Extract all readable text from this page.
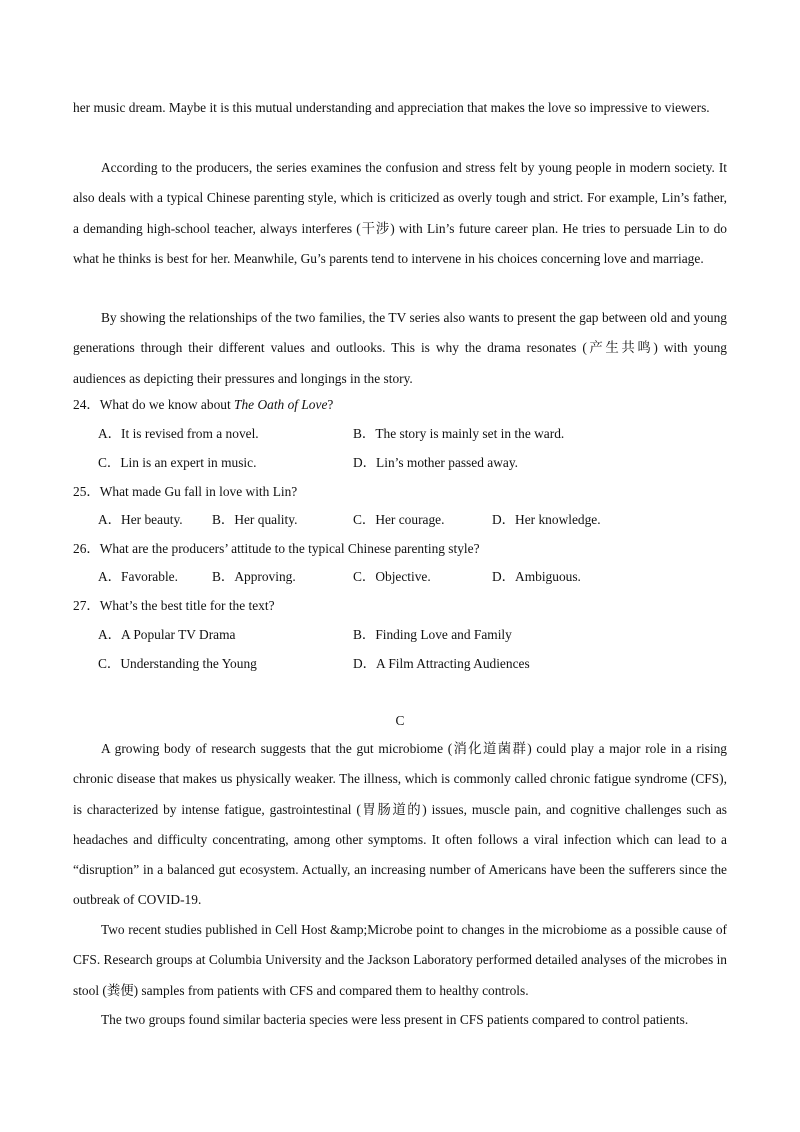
her music dream. Maybe it is this mutual understanding and appreciation that makes the love so impressive to viewers.

According to the producers, the series examines the confusion and stress felt by young people in modern society. It also deals with a typical Chinese parenting style, which is criticized as overly tough and strict. For example, Lin’s father, a demanding high-school teacher, always interferes (干涉) with Lin’s future career plan. He tries to persuade Lin to do what he thinks is best for her. Meanwhile, Gu’s parents tend to intervene in his choices concerning love and marriage.

By showing the relationships of the two families, the TV series also wants to present the gap between old and young generations through their different values and outlooks. This is why the drama resonates (产生共鸣) with young audiences as depicting their pressures and longings in the story.

24．What do we know about The Oath of Love?
A．It is revised from a novel.	B．The story is mainly set in the ward.
C．Lin is an expert in music.	D．Lin’s mother passed away.
25．What made Gu fall in love with Lin?
A．Her beauty. B．Her quality.	C．Her courage.	D．Her knowledge.
26．What are the producers’ attitude to the typical Chinese parenting style?
A．Favorable.	B．Approving.	C．Objective.	D．Ambiguous.
27．What’s the best title for the text?
A．A Popular TV Drama	B．Finding Love and Family
C．Understanding the Young	D．A Film Attracting Audiences
C

A growing body of research suggests that the gut microbiome (消化道菌群) could play a major role in a rising chronic disease that makes us physically weaker. The illness, which is commonly called chronic fatigue syndrome (CFS), is characterized by intense fatigue, gastrointestinal (胃肠道的) issues, muscle pain, and cognitive challenges such as headaches and difficulty concentrating, among other symptoms. It often follows a viral infection which can lead to a “disruption” in a balanced gut ecosystem. Actually, an increasing number of Americans have been the sufferers since the outbreak of COVID-19.

Two recent studies published in Cell Host &amp;Microbe point to changes in the microbiome as a possible cause of CFS. Research groups at Columbia University and the Jackson Laboratory performed detailed analyses of the microbes in stool (粪便) samples from patients with CFS and compared them to healthy controls.

The two groups found similar bacteria species were less present in CFS patients compared to control patients.
